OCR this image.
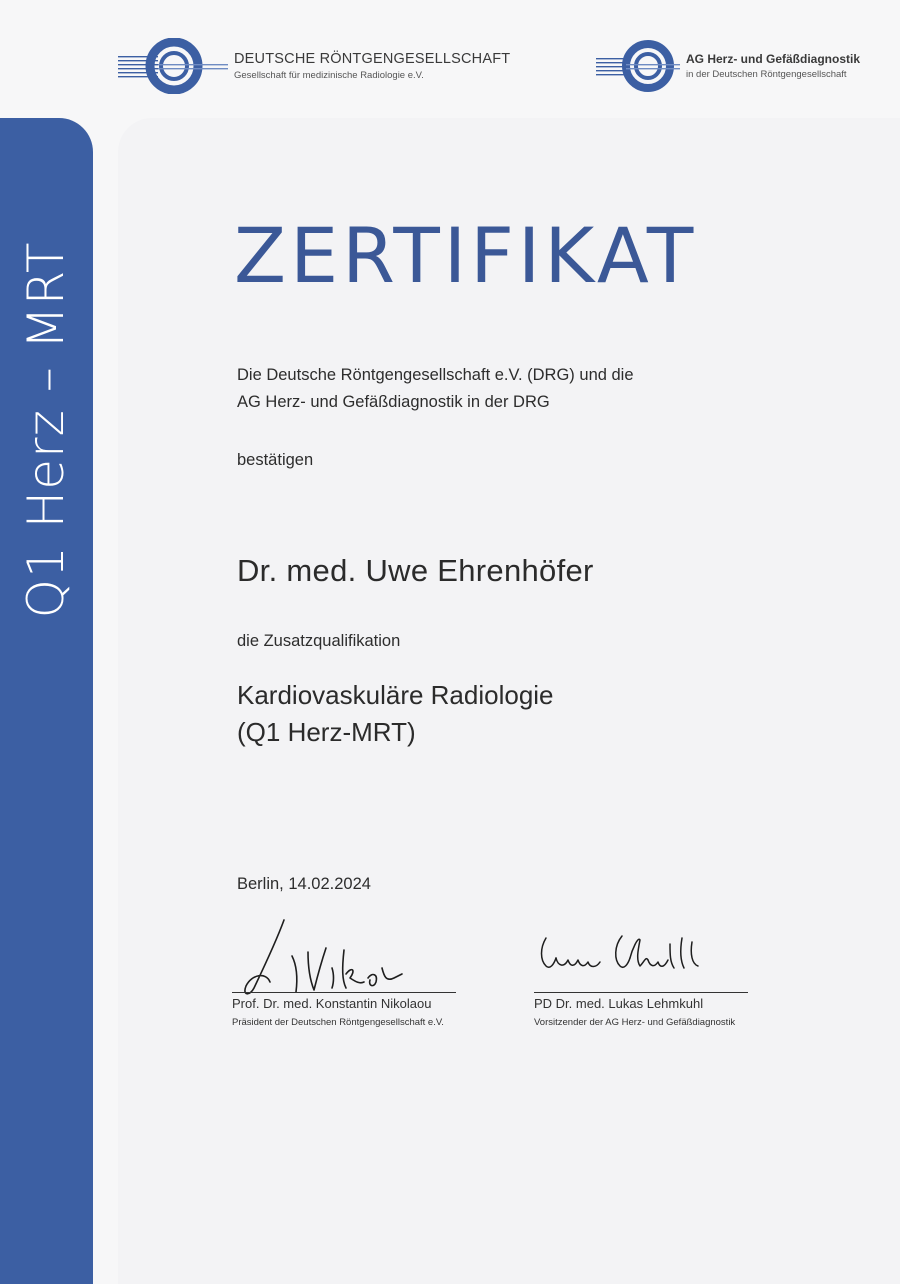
DEUTSCHE RÖNTGENGESELLSCHAFT
Gesellschaft für medizinische Radiologie e.V.
AG Herz- und Gefäßdiagnostik
in der Deutschen Röntgengesellschaft
Q1 Herz – MRT ZERTIFIKAT
Die Deutsche Röntgengesellschaft e.V. (DRG) und die
AG Herz- und Gefäßdiagnostik in der DRG
bestätigen
Dr. med. Uwe Ehrenhöfer
die Zusatzqualifikation
Kardiovaskuläre Radiologie
(Q1 Herz-MRT)
Berlin, 14.02.2024
Prof. Dr. med. Konstantin Nikolaou
Präsident der Deutschen Röntgengesellschaft e.V.
PD Dr. med. Lukas Lehmkuhl
Vorsitzender der AG Herz- und Gefäßdiagnostik
